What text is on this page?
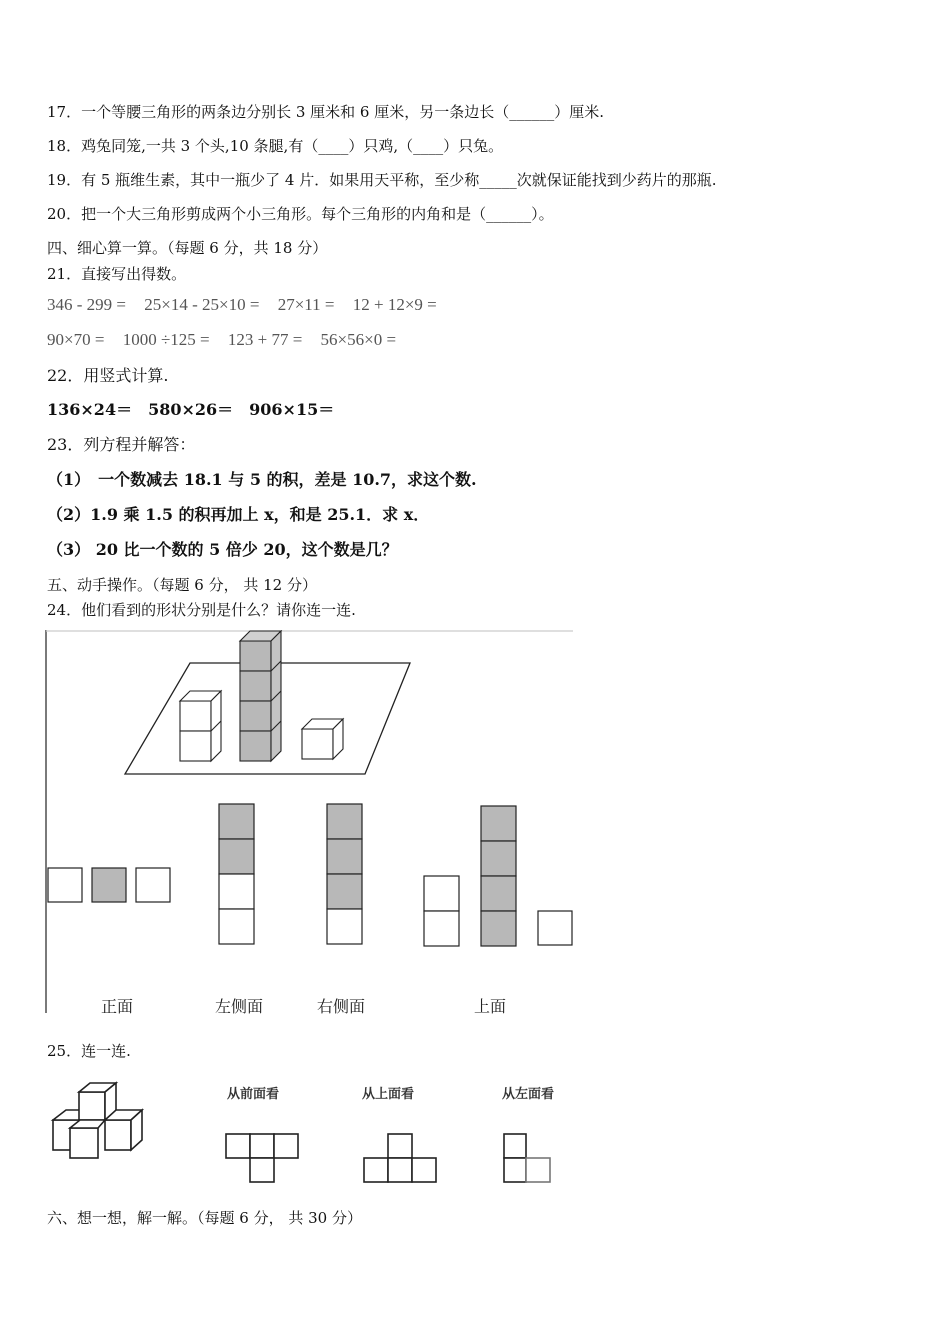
17．一个等腰三角形的两条边分别长 3 厘米和 6 厘米，另一条边长（______）厘米.
18．鸡兔同笼,一共 3 个头,10 条腿,有（____）只鸡,（____）只兔。
19．有 5 瓶维生素，其中一瓶少了 4 片．如果用天平称，至少称_____次就保证能找到少药片的那瓶.
20．把一个大三角形剪成两个小三角形。每个三角形的内角和是（______）。
四、细心算一算。（每题 6 分，共 18 分）
21．直接写出得数。
346 - 299 = 25×14 - 25×10 = 27×11 = 12 + 12×9 =
90×70 = 1000 ÷125 = 123 + 77 = 56×56×0 =
22．用竖式计算.
136×24＝　580×26＝　906×15＝
23．列方程并解答：
（1）　一个数减去 18.1 与 5 的积，差是 10.7，求这个数.
（2）1.9 乘 1.5 的积再加上 x，和是 25.1．求 x．
（3） 20 比一个数的 5 倍少 20，这个数是几？
五、动手操作。（每题 6 分， 共 12 分）
24．他们看到的形状分别是什么？请你连一连.
正面	左侧面	右侧面	上面
25．连一连.
从前面看	从上面看	从左面看
六、想一想，解一解。（每题 6 分， 共 30 分）
